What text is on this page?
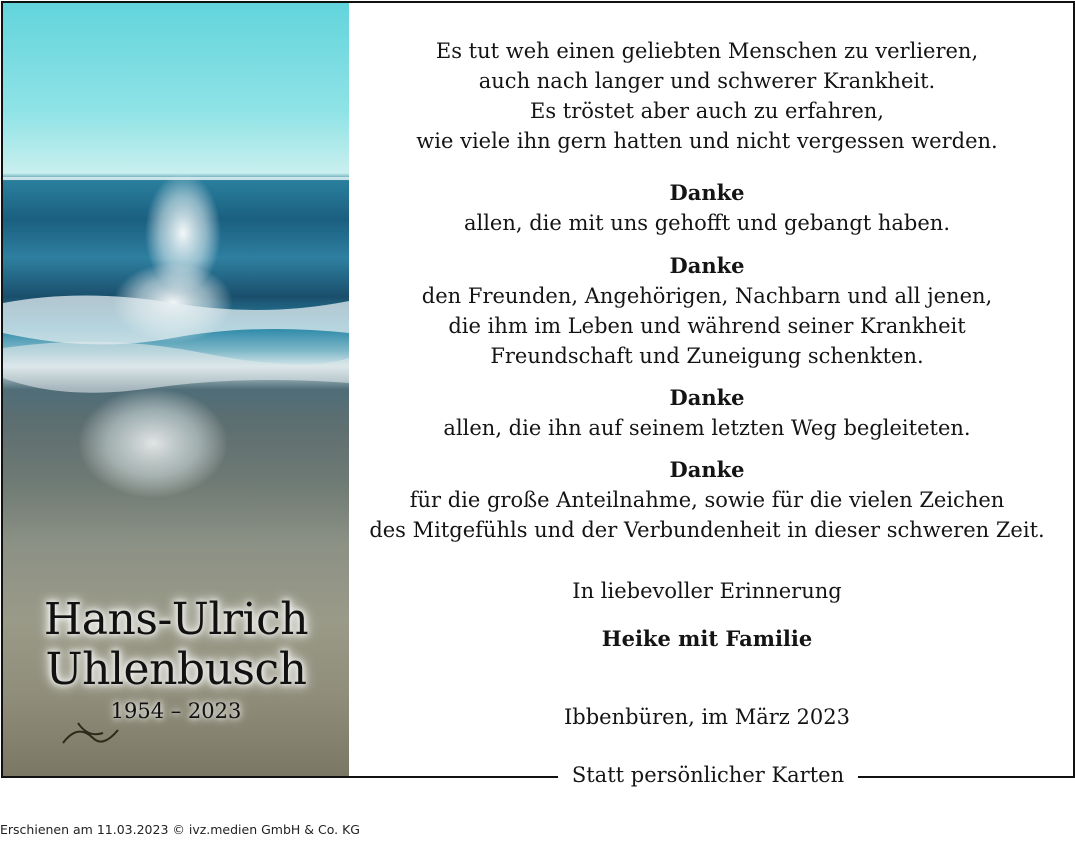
Hans-Ulrich
Uhlenbusch
1954 – 2023
Es tut weh einen geliebten Menschen zu verlieren,
auch nach langer und schwerer Krankheit.
Es tröstet aber auch zu erfahren,
wie viele ihn gern hatten und nicht vergessen werden.
Danke
allen, die mit uns gehofft und gebangt haben.
Danke
den Freunden, Angehörigen, Nachbarn und all jenen,
die ihm im Leben und während seiner Krankheit
Freundschaft und Zuneigung schenkten.
Danke
allen, die ihn auf seinem letzten Weg begleiteten.
Danke
für die große Anteilnahme, sowie für die vielen Zeichen
des Mitgefühls und der Verbundenheit in dieser schweren Zeit.
In liebevoller Erinnerung
Heike mit Familie
Ibbenbüren, im März 2023
Statt persönlicher Karten
Erschienen am 11.03.2023 © ivz.medien GmbH & Co. KG
